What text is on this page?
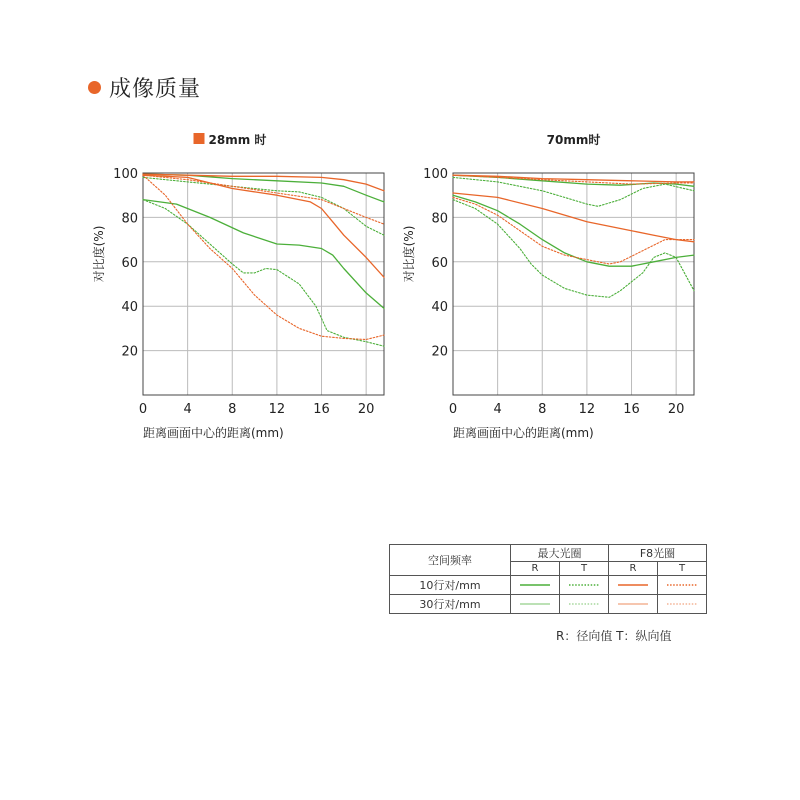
成像质量
0	4	8 12 16 20
20
40
60
80
100
距离画面中心的距离(mm)
对比度(%)
28mm 时
0	4	8 12 16 20
20
40
60
80
100
距离画面中心的距离(mm)
对比度(%)
70mm时
空间频率	最大光圈		F8光圈	
	R	T	R	T
10行对/mm	

30行对/mm	

R：径向值 T：纵向值
